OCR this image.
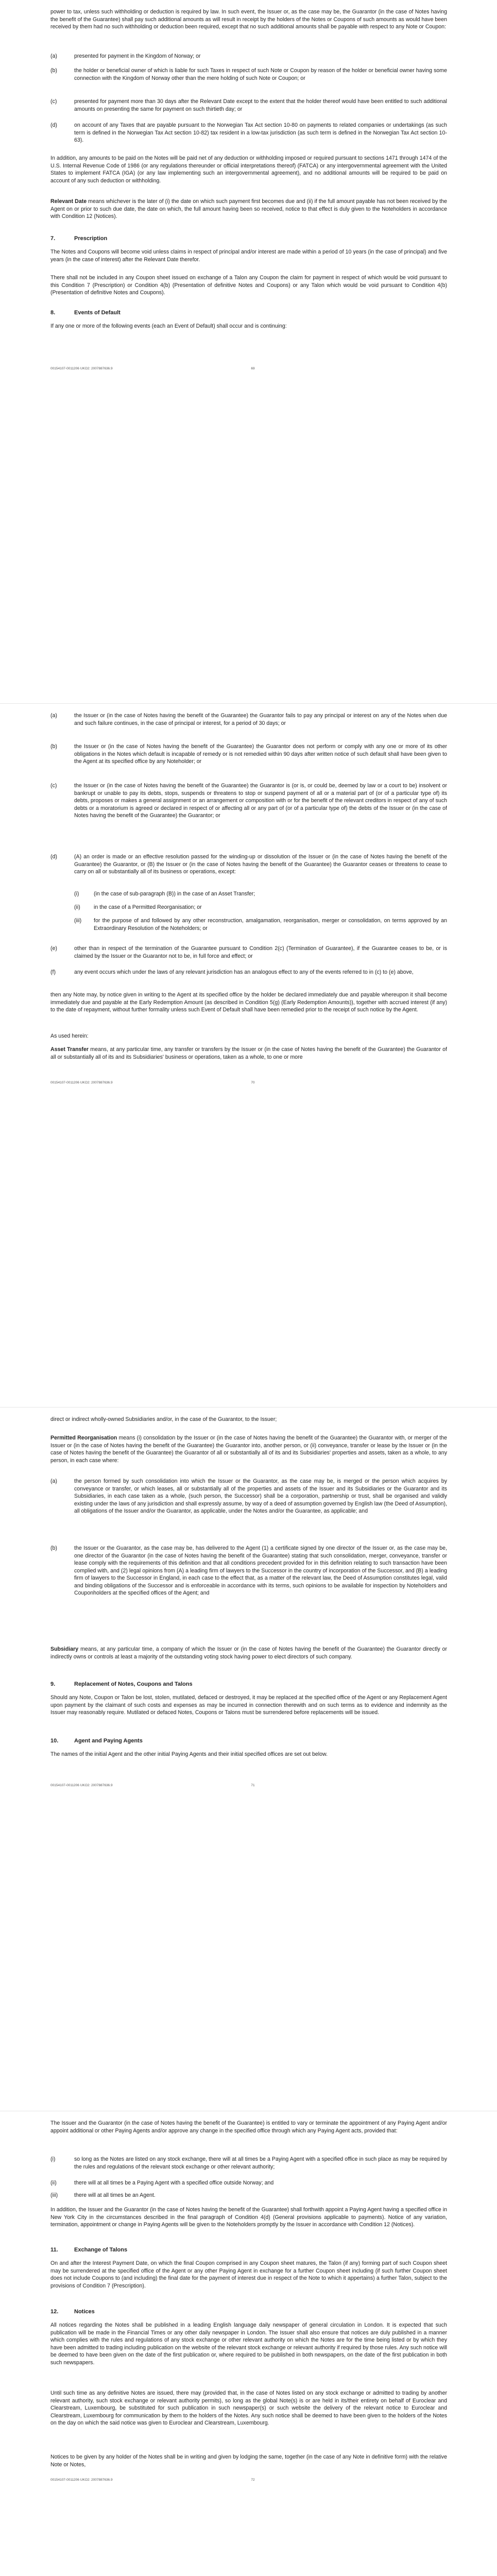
power to tax, unless such withholding or deduction is required by law. In such event, the Issuer or, as the case may be, the Guarantor (in the case of Notes having the benefit of the Guarantee) shall pay such additional amounts as will result in receipt by the holders of the Notes or Coupons of such amounts as would have been received by them had no such withholding or deduction been required, except that no such additional amounts shall be payable with respect to any Note or Coupon:

(a)	presented for payment in the Kingdom of Norway; or
(b)	the holder or beneficial owner of which is liable for such Taxes in respect of such Note or Coupon by reason of the holder or beneficial owner having some connection with the Kingdom of Norway other than the mere holding of such Note or Coupon; or
(c)	presented for payment more than 30 days after the Relevant Date except to the extent that the holder thereof would have been entitled to such additional amounts on presenting the same for payment on such thirtieth day; or
(d)	on account of any Taxes that are payable pursuant to the Norwegian Tax Act section 10-80 on payments to related companies or undertakings (as such term is defined in the Norwegian Tax Act section 10-82) tax resident in a low-tax jurisdiction (as such term is defined in the Norwegian Tax Act section 10-63).

In addition, any amounts to be paid on the Notes will be paid net of any deduction or withholding imposed or required pursuant to sections 1471 through 1474 of the U.S. Internal Revenue Code of 1986 (or any regulations thereunder or official interpretations thereof) (FATCA) or any intergovernmental agreement with the United States to implement FATCA (IGA) (or any law implementing such an intergovernmental agreement), and no additional amounts will be required to be paid on account of any such deduction or withholding.

Relevant Date means whichever is the later of (i) the date on which such payment first becomes due and (ii) if the full amount payable has not been received by the Agent on or prior to such due date, the date on which, the full amount having been so received, notice to that effect is duly given to the Noteholders in accordance with Condition 12 (Notices).

7.	Prescription

The Notes and Coupons will become void unless claims in respect of principal and/or interest are made within a period of 10 years (in the case of principal) and five years (in the case of interest) after the Relevant Date therefor.

There shall not be included in any Coupon sheet issued on exchange of a Talon any Coupon the claim for payment in respect of which would be void pursuant to this Condition 7 (Prescription) or Condition 4(b) (Presentation of definitive Notes and Coupons) or any Talon which would be void pursuant to Condition 4(b) (Presentation of definitive Notes and Coupons).

8.	Events of Default

If any one or more of the following events (each an Event of Default) shall occur and is continuing:

00154107-0011206 UKO2: 2007887636.9	69
(a)	the Issuer or (in the case of Notes having the benefit of the Guarantee) the Guarantor fails to pay any principal or interest on any of the Notes when due and such failure continues, in the case of principal or interest, for a period of 30 days; or
(b)	the Issuer or (in the case of Notes having the benefit of the Guarantee) the Guarantor does not perform or comply with any one or more of its other obligations in the Notes which default is incapable of remedy or is not remedied within 90 days after written notice of such default shall have been given to the Agent at its specified office by any Noteholder; or
(c)	the Issuer or (in the case of Notes having the benefit of the Guarantee) the Guarantor is (or is, or could be, deemed by law or a court to be) insolvent or bankrupt or unable to pay its debts, stops, suspends or threatens to stop or suspend payment of all or a material part of (or of a particular type of) its debts, proposes or makes a general assignment or an arrangement or composition with or for the benefit of the relevant creditors in respect of any of such debts or a moratorium is agreed or declared in respect of or affecting all or any part of (or of a particular type of) the debts of the Issuer or (in the case of Notes having the benefit of the Guarantee) the Guarantor; or
(d)	(A) an order is made or an effective resolution passed for the winding-up or dissolution of the Issuer or (in the case of Notes having the benefit of the Guarantee) the Guarantor, or (B) the Issuer or (in the case of Notes having the benefit of the Guarantee) the Guarantor ceases or threatens to cease to carry on all or substantially all of its business or operations, except:
(i)	(in the case of sub-paragraph (B)) in the case of an Asset Transfer;
(ii) in the case of a Permitted Reorganisation; or
(iii) for the purpose of and followed by any other reconstruction, amalgamation, reorganisation, merger or consolidation, on terms approved by an Extraordinary Resolution of the Noteholders; or
(e)	other than in respect of the termination of the Guarantee pursuant to Condition 2(c) (Termination of Guarantee), if the Guarantee ceases to be, or is claimed by the Issuer or the Guarantor not to be, in full force and effect; or
(f)	any event occurs which under the laws of any relevant jurisdiction has an analogous effect to any of the events referred to in (c) to (e) above,

then any Note may, by notice given in writing to the Agent at its specified office by the holder be declared immediately due and payable whereupon it shall become immediately due and payable at the Early Redemption Amount (as described in Condition 5(g) (Early Redemption Amounts)), together with accrued interest (if any) to the date of repayment, without further formality unless such Event of Default shall have been remedied prior to the receipt of such notice by the Agent.

As used herein:

Asset Transfer means, at any particular time, any transfer or transfers by the Issuer or (in the case of Notes having the benefit of the Guarantee) the Guarantor of all or substantially all of its and its Subsidiaries' business or operations, taken as a whole, to one or more

00154107-0011206 UKO2: 2007887636.9	70

direct or indirect wholly-owned Subsidiaries and/or, in the case of the Guarantor, to the Issuer;

Permitted Reorganisation means (i) consolidation by the Issuer or (in the case of Notes having the benefit of the Guarantee) the Guarantor with, or merger of the Issuer or (in the case of Notes having the benefit of the Guarantee) the Guarantor into, another person, or (ii) conveyance, transfer or lease by the Issuer or (in the case of Notes having the benefit of the Guarantee) the Guarantor of all or substantially all of its and its Subsidiaries' properties and assets, taken as a whole, to any person, in each case where:

(a)	the person formed by such consolidation into which the Issuer or the Guarantor, as the case may be, is merged or the person which acquires by conveyance or transfer, or which leases, all or substantially all of the properties and assets of the Issuer and its Subsidiaries or the Guarantor and its Subsidiaries, in each case taken as a whole, (such person, the Successor) shall be a corporation, partnership or trust, shall be organised and validly existing under the laws of any jurisdiction and shall expressly assume, by way of a deed of assumption governed by English law (the Deed of Assumption), all obligations of the Issuer and/or the Guarantor, as applicable, under the Notes and/or the Guarantee, as applicable; and
(b)	the Issuer or the Guarantor, as the case may be, has delivered to the Agent (1) a certificate signed by one director of the Issuer or, as the case may be, one director of the Guarantor (in the case of Notes having the benefit of the Guarantee) stating that such consolidation, merger, conveyance, transfer or lease comply with the requirements of this definition and that all conditions precedent provided for in this definition relating to such transaction have been complied with, and (2) legal opinions from (A) a leading firm of lawyers to the Successor in the country of incorporation of the Successor, and (B) a leading firm of lawyers to the Successor in England, in each case to the effect that, as a matter of the relevant law, the Deed of Assumption constitutes legal, valid and binding obligations of the Successor and is enforceable in accordance with its terms, such opinions to be available for inspection by Noteholders and Couponholders at the specified offices of the Agent; and

Subsidiary means, at any particular time, a company of which the Issuer or (in the case of Notes having the benefit of the Guarantee) the Guarantor directly or indirectly owns or controls at least a majority of the outstanding voting stock having power to elect directors of such company.

9.	Replacement of Notes, Coupons and Talons

Should any Note, Coupon or Talon be lost, stolen, mutilated, defaced or destroyed, it may be replaced at the specified office of the Agent or any Replacement Agent upon payment by the claimant of such costs and expenses as may be incurred in connection therewith and on such terms as to evidence and indemnity as the Issuer may reasonably require. Mutilated or defaced Notes, Coupons or Talons must be surrendered before replacements will be issued.

10.	Agent and Paying Agents

The names of the initial Agent and the other initial Paying Agents and their initial specified offices are set out below.

00154107-0011206 UKO2: 2007887636.9	71

The Issuer and the Guarantor (in the case of Notes having the benefit of the Guarantee) is entitled to vary or terminate the appointment of any Paying Agent and/or appoint additional or other Paying Agents and/or approve any change in the specified office through which any Paying Agent acts, provided that:

(i)	so long as the Notes are listed on any stock exchange, there will at all times be a Paying Agent with a specified office in such place as may be required by the rules and regulations of the relevant stock exchange or other relevant authority;
(ii)	there will at all times be a Paying Agent with a specified office outside Norway; and
(iii)	there will at all times be an Agent.

In addition, the Issuer and the Guarantor (in the case of Notes having the benefit of the Guarantee) shall forthwith appoint a Paying Agent having a specified office in New York City in the circumstances described in the final paragraph of Condition 4(d) (General provisions applicable to payments). Notice of any variation, termination, appointment or change in Paying Agents will be given to the Noteholders promptly by the Issuer in accordance with Condition 12 (Notices).

11.	Exchange of Talons

On and after the Interest Payment Date, on which the final Coupon comprised in any Coupon sheet matures, the Talon (if any) forming part of such Coupon sheet may be surrendered at the specified office of the Agent or any other Paying Agent in exchange for a further Coupon sheet including (if such further Coupon sheet does not include Coupons to (and including) the final date for the payment of interest due in respect of the Note to which it appertains) a further Talon, subject to the provisions of Condition 7 (Prescription).

12.	Notices

All notices regarding the Notes shall be published in a leading English language daily newspaper of general circulation in London. It is expected that such publication will be made in the Financial Times or any other daily newspaper in London. The Issuer shall also ensure that notices are duly published in a manner which complies with the rules and regulations of any stock exchange or other relevant authority on which the Notes are for the time being listed or by which they have been admitted to trading including publication on the website of the relevant stock exchange or relevant authority if required by those rules. Any such notice will be deemed to have been given on the date of the first publication or, where required to be published in both newspapers, on the date of the first publication in both such newspapers.

Until such time as any definitive Notes are issued, there may (provided that, in the case of Notes listed on any stock exchange or admitted to trading by another relevant authority, such stock exchange or relevant authority permits), so long as the global Note(s) is or are held in its/their entirety on behalf of Euroclear and Clearstream, Luxembourg, be substituted for such publication in such newspaper(s) or such website the delivery of the relevant notice to Euroclear and Clearstream, Luxembourg for communication by them to the holders of the Notes. Any such notice shall be deemed to have been given to the holders of the Notes on the day on which the said notice was given to Euroclear and Clearstream, Luxembourg.

Notices to be given by any holder of the Notes shall be in writing and given by lodging the same, together (in the case of any Note in definitive form) with the relative Note or Notes,

00154107-0011206 UKO2: 2007887636.9	72
